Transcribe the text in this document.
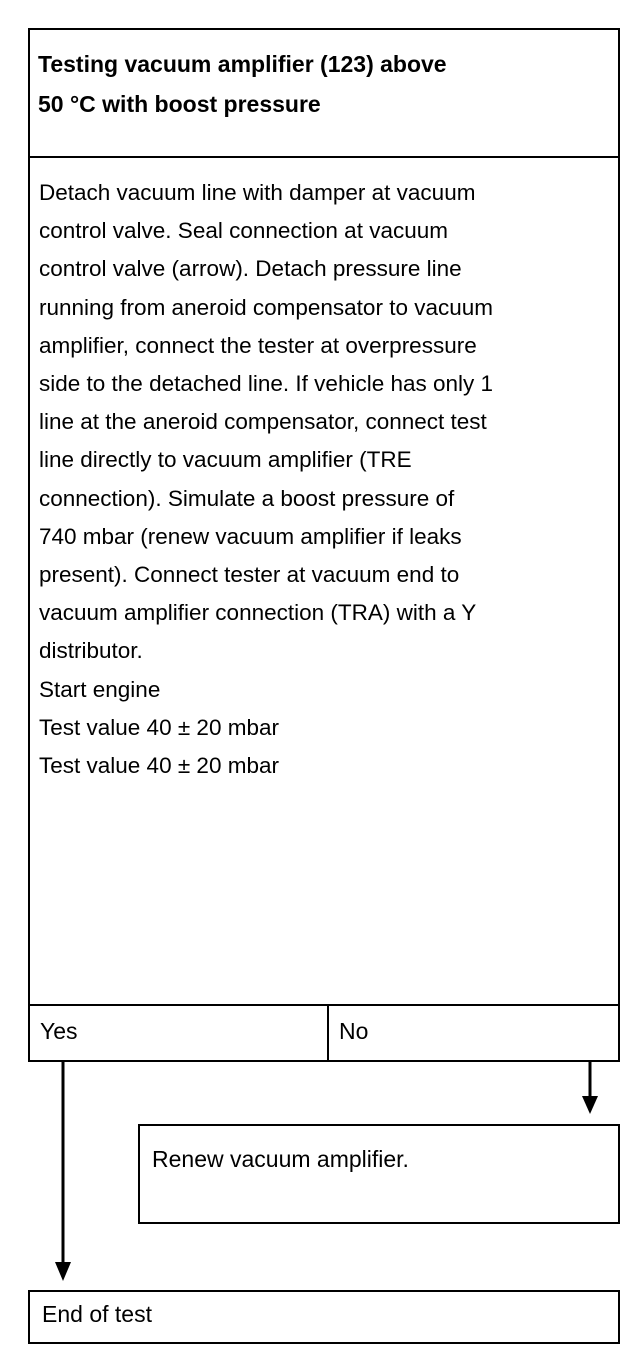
Testing vacuum amplifier (123) above
50 °C with boost pressure
Detach vacuum line with damper at vacuum
control valve. Seal connection at vacuum
control valve (arrow). Detach pressure line
running from aneroid compensator to vacuum
amplifier, connect the tester at overpressure
side to the detached line. If vehicle has only 1
line at the aneroid compensator, connect test
line directly to vacuum amplifier (TRE
connection). Simulate a boost pressure of
740 mbar (renew vacuum amplifier if leaks
present). Connect tester at vacuum end to
vacuum amplifier connection (TRA) with a Y
distributor.
Start engine
Test value 40 ± 20 mbar
Test value 40 ± 20 mbar
Yes	No
Renew vacuum amplifier.
End of test
